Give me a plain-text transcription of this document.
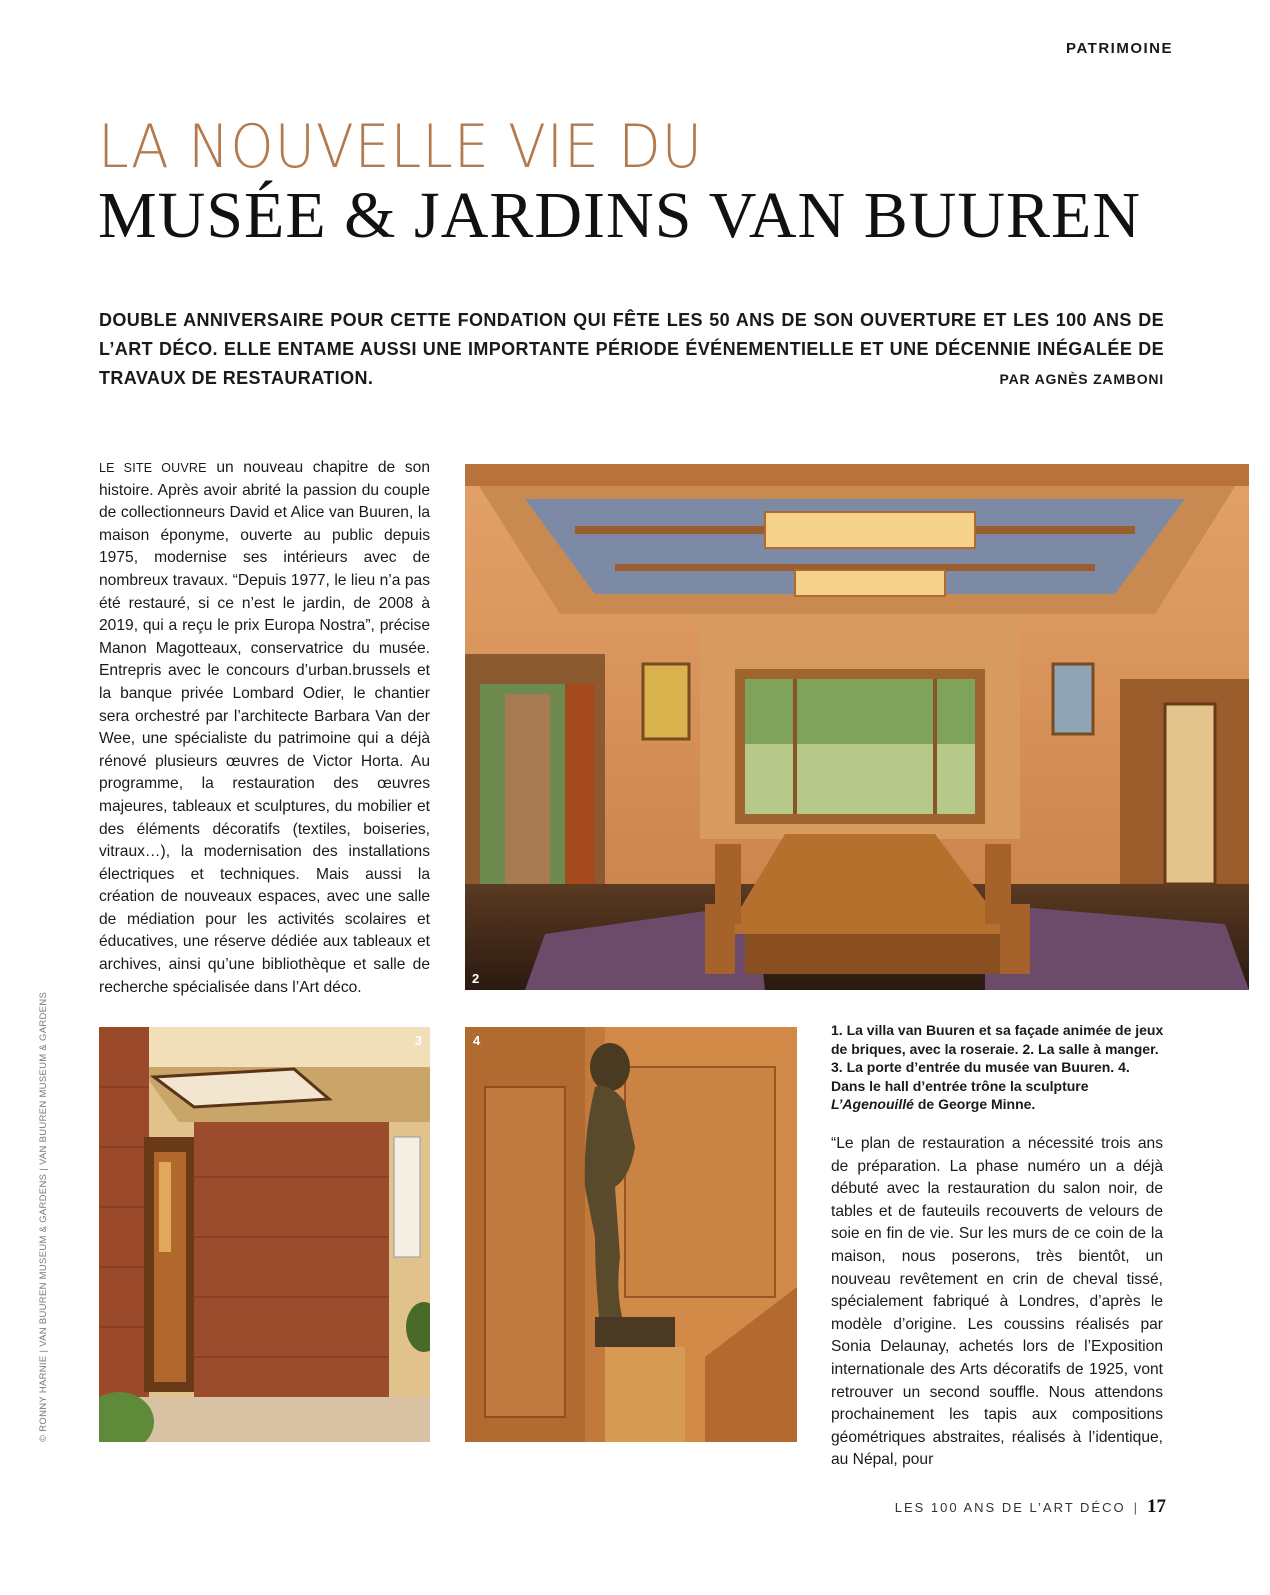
PATRIMOINE
LA NOUVELLE VIE DU
MUSÉE & JARDINS VAN BUUREN
DOUBLE ANNIVERSAIRE POUR CETTE FONDATION QUI FÊTE LES 50 ANS DE SON OUVERTURE ET LES 100 ANS DE L’ART DÉCO. ELLE ENTAME AUSSI UNE IMPORTANTE PÉRIODE ÉVÉNEMENTIELLE ET UNE DÉCENNIE INÉGALÉE DE TRAVAUX DE RESTAURATION.	PAR AGNÈS ZAMBONI
LE SITE OUVRE un nouveau chapitre de son histoire. Après avoir abrité la passion du couple de collectionneurs David et Alice van Buuren, la maison éponyme, ouverte au public depuis 1975, modernise ses intérieurs avec de nombreux travaux. “Depuis 1977, le lieu n’a pas été restauré, si ce n’est le jardin, de 2008 à 2019, qui a reçu le prix Europa Nostra”, précise Manon Magotteaux, conservatrice du musée. Entrepris avec le concours d’urban.brussels et la banque privée Lombard Odier, le chantier sera orchestré par l’architecte Barbara Van der Wee, une spécialiste du patrimoine qui a déjà rénové plusieurs œuvres de Victor Horta. Au programme, la restauration des œuvres majeures, tableaux et sculptures, du mobilier et des éléments décoratifs (textiles, boiseries, vitraux…), la modernisation des installations électriques et techniques. Mais aussi la création de nouveaux espaces, avec une salle de médiation pour les activités scolaires et éducatives, une réserve dédiée aux tableaux et archives, ainsi qu’une bibliothèque et salle de recherche spécialisée dans l’Art déco.
2
3	4
1. La villa van Buuren et sa façade animée de jeux de briques, avec la roseraie. 2. La salle à manger. 3. La porte d’entrée du musée van Buuren. 4. Dans le hall d’entrée trône la sculpture L’Agenouillé de George Minne.
“Le plan de restauration a nécessité trois ans de préparation. La phase numéro un a déjà débuté avec la restauration du salon noir, de tables et de fauteuils recouverts de velours de soie en fin de vie. Sur les murs de ce coin de la maison, nous poserons, très bientôt, un nouveau revêtement en crin de cheval tissé, spécialement fabriqué à Londres, d’après le modèle d’origine. Les coussins réalisés par Sonia Delaunay, achetés lors de l’Exposition internationale des Arts décoratifs de 1925, vont retrouver un second souffle. Nous attendons prochainement les tapis aux compositions géométriques abstraites, réalisés à l’identique, au Népal, pour
© RONNY HARNIE | VAN BUUREN MUSEUM & GARDENS | VAN BUUREN MUSEUM & GARDENS
LES 100 ANS DE L’ART DÉCO | 17
